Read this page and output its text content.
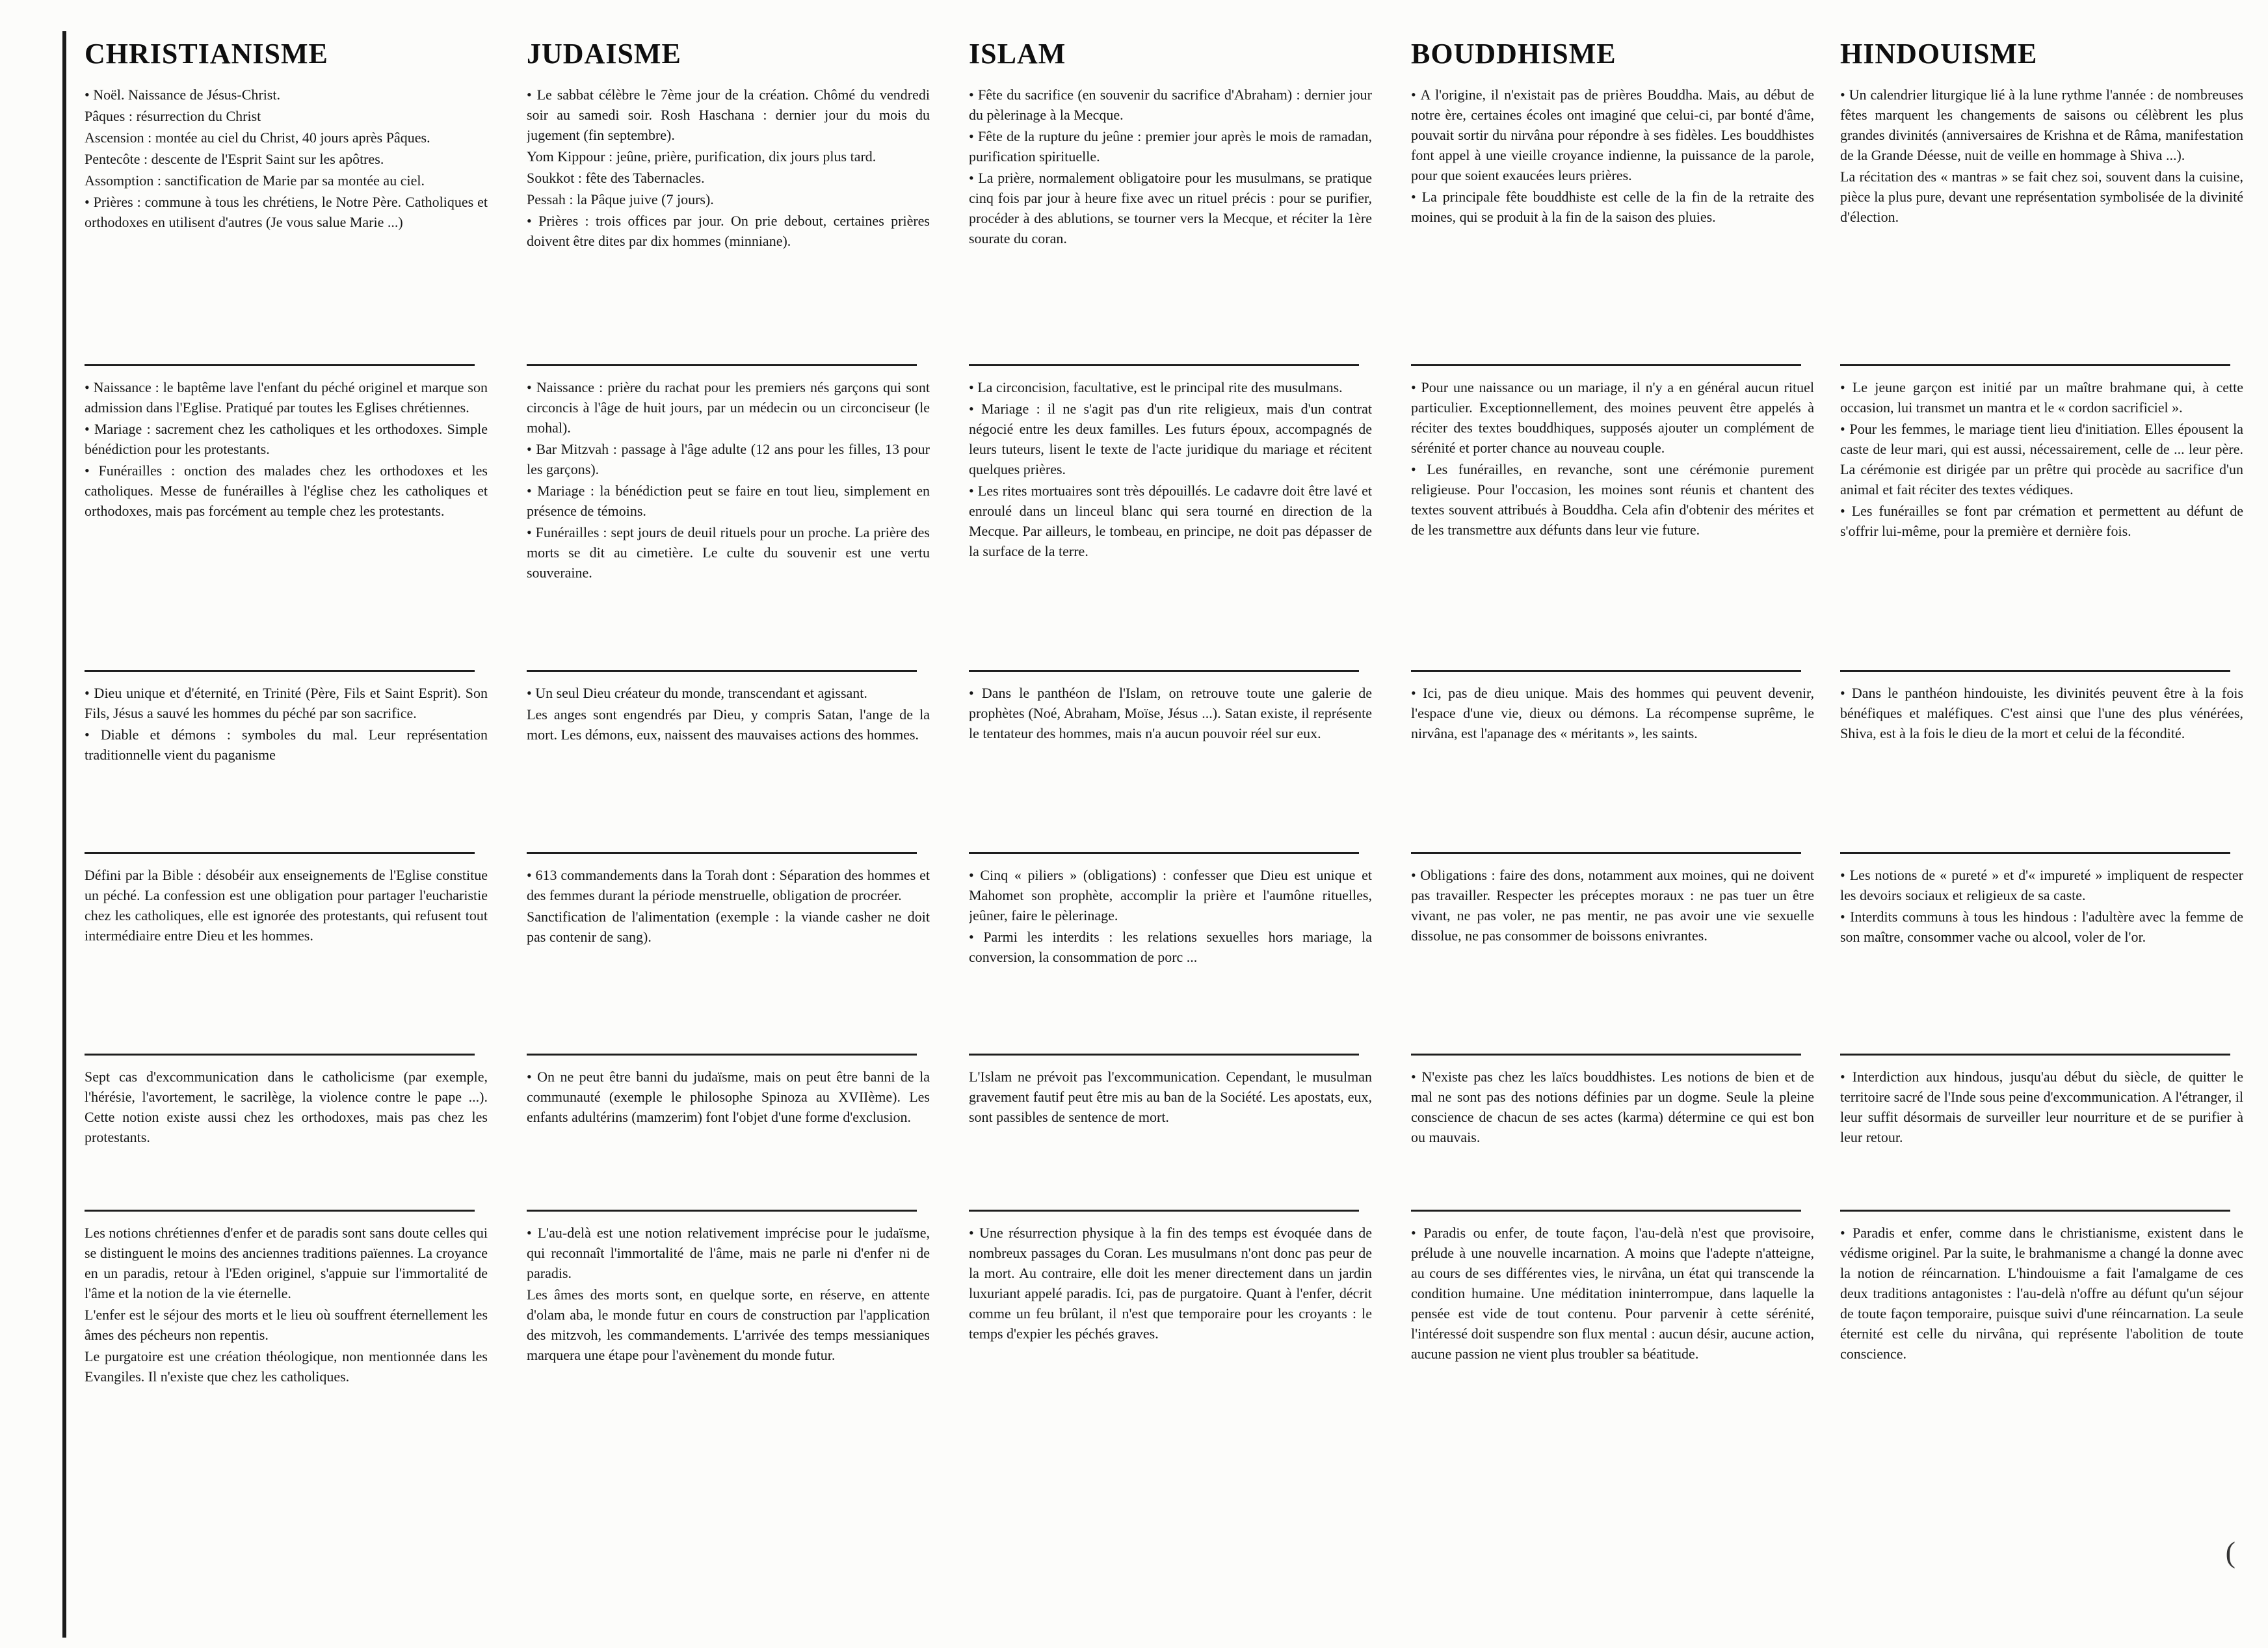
CHRISTIANISME

• Noël. Naissance de Jésus-Christ.

Pâques : résurrection du Christ

Ascension : montée au ciel du Christ, 40 jours après Pâques.

Pentecôte : descente de l'Esprit Saint sur les apôtres.

Assomption : sanctification de Marie par sa montée au ciel.

• Prières : commune à tous les chrétiens, le Notre Père. Catholiques et orthodoxes en utilisent d'autres (Je vous salue Marie ...)

• Naissance : le baptême lave l'enfant du péché originel et marque son admission dans l'Eglise. Pratiqué par toutes les Eglises chrétiennes.

• Mariage : sacrement chez les catholiques et les orthodoxes. Simple bénédiction pour les protestants.

• Funérailles : onction des malades chez les orthodoxes et les catholiques. Messe de funérailles à l'église chez les catholiques et orthodoxes, mais pas forcément au temple chez les protestants.

• Dieu unique et d'éternité, en Trinité (Père, Fils et Saint Esprit). Son Fils, Jésus a sauvé les hommes du péché par son sacrifice.

• Diable et démons : symboles du mal. Leur représentation traditionnelle vient du paganisme

Défini par la Bible : désobéir aux enseignements de l'Eglise constitue un péché. La confession est une obligation pour partager l'eucharistie chez les catholiques, elle est ignorée des protestants, qui refusent tout intermédiaire entre Dieu et les hommes.

Sept cas d'excommunication dans le catholicisme (par exemple, l'hérésie, l'avortement, le sacrilège, la violence contre le pape ...). Cette notion existe aussi chez les orthodoxes, mais pas chez les protestants.

Les notions chrétiennes d'enfer et de paradis sont sans doute celles qui se distinguent le moins des anciennes traditions païennes. La croyance en un paradis, retour à l'Eden originel, s'appuie sur l'immortalité de l'âme et la notion de la vie éternelle.

L'enfer est le séjour des morts et le lieu où souffrent éternellement les âmes des pécheurs non repentis.

Le purgatoire est une création théologique, non mentionnée dans les Evangiles. Il n'existe que chez les catholiques.

JUDAISME

• Le sabbat célèbre le 7ème jour de la création. Chômé du vendredi soir au samedi soir. Rosh Haschana : dernier jour du mois du jugement (fin septembre).

Yom Kippour : jeûne, prière, purification, dix jours plus tard.

Soukkot : fête des Tabernacles.

Pessah : la Pâque juive (7 jours).

• Prières : trois offices par jour. On prie debout, certaines prières doivent être dites par dix hommes (minniane).

• Naissance : prière du rachat pour les premiers nés garçons qui sont circoncis à l'âge de huit jours, par un médecin ou un circonciseur (le mohal).

• Bar Mitzvah : passage à l'âge adulte (12 ans pour les filles, 13 pour les garçons).

• Mariage : la bénédiction peut se faire en tout lieu, simplement en présence de témoins.

• Funérailles : sept jours de deuil rituels pour un proche. La prière des morts se dit au cimetière. Le culte du souvenir est une vertu souveraine.

• Un seul Dieu créateur du monde, transcendant et agissant.

Les anges sont engendrés par Dieu, y compris Satan, l'ange de la mort. Les démons, eux, naissent des mauvaises actions des hommes.

• 613 commandements dans la Torah dont : Séparation des hommes et des femmes durant la période menstruelle, obligation de procréer.

Sanctification de l'alimentation (exemple : la viande casher ne doit pas contenir de sang).

• On ne peut être banni du judaïsme, mais on peut être banni de la communauté (exemple le philosophe Spinoza au XVIIème). Les enfants adultérins (mamzerim) font l'objet d'une forme d'exclusion.

• L'au-delà est une notion relativement imprécise pour le judaïsme, qui reconnaît l'immortalité de l'âme, mais ne parle ni d'enfer ni de paradis.

Les âmes des morts sont, en quelque sorte, en réserve, en attente d'olam aba, le monde futur en cours de construction par l'application des mitzvoh, les commandements. L'arrivée des temps messianiques marquera une étape pour l'avènement du monde futur.

ISLAM

• Fête du sacrifice (en souvenir du sacrifice d'Abraham) : dernier jour du pèlerinage à la Mecque.

• Fête de la rupture du jeûne : premier jour après le mois de ramadan, purification spirituelle.

• La prière, normalement obligatoire pour les musulmans, se pratique cinq fois par jour à heure fixe avec un rituel précis : pour se purifier, procéder à des ablutions, se tourner vers la Mecque, et réciter la 1ère sourate du coran.

• La circoncision, facultative, est le principal rite des musulmans.

• Mariage : il ne s'agit pas d'un rite religieux, mais d'un contrat négocié entre les deux familles. Les futurs époux, accompagnés de leurs tuteurs, lisent le texte de l'acte juridique du mariage et récitent quelques prières.

• Les rites mortuaires sont très dépouillés. Le cadavre doit être lavé et enroulé dans un linceul blanc qui sera tourné en direction de la Mecque. Par ailleurs, le tombeau, en principe, ne doit pas dépasser de la surface de la terre.

• Dans le panthéon de l'Islam, on retrouve toute une galerie de prophètes (Noé, Abraham, Moïse, Jésus ...). Satan existe, il représente le tentateur des hommes, mais n'a aucun pouvoir réel sur eux.

• Cinq « piliers » (obligations) : confesser que Dieu est unique et Mahomet son prophète, accomplir la prière et l'aumône rituelles, jeûner, faire le pèlerinage.

• Parmi les interdits : les relations sexuelles hors mariage, la conversion, la consommation de porc ...

L'Islam ne prévoit pas l'excommunication. Cependant, le musulman gravement fautif peut être mis au ban de la Société. Les apostats, eux, sont passibles de sentence de mort.

• Une résurrection physique à la fin des temps est évoquée dans de nombreux passages du Coran. Les musulmans n'ont donc pas peur de la mort. Au contraire, elle doit les mener directement dans un jardin luxuriant appelé paradis. Ici, pas de purgatoire. Quant à l'enfer, décrit comme un feu brûlant, il n'est que temporaire pour les croyants : le temps d'expier les péchés graves.

BOUDDHISME

• A l'origine, il n'existait pas de prières Bouddha. Mais, au début de notre ère, certaines écoles ont imaginé que celui-ci, par bonté d'âme, pouvait sortir du nirvâna pour répondre à ses fidèles. Les bouddhistes font appel à une vieille croyance indienne, la puissance de la parole, pour que soient exaucées leurs prières.

• La principale fête bouddhiste est celle de la fin de la retraite des moines, qui se produit à la fin de la saison des pluies.

• Pour une naissance ou un mariage, il n'y a en général aucun rituel particulier. Exceptionnellement, des moines peuvent être appelés à réciter des textes bouddhiques, supposés ajouter un complément de sérénité et porter chance au nouveau couple.

• Les funérailles, en revanche, sont une cérémonie purement religieuse. Pour l'occasion, les moines sont réunis et chantent des textes souvent attribués à Bouddha. Cela afin d'obtenir des mérites et de les transmettre aux défunts dans leur vie future.

• Ici, pas de dieu unique. Mais des hommes qui peuvent devenir, l'espace d'une vie, dieux ou démons. La récompense suprême, le nirvâna, est l'apanage des « méritants », les saints.

• Obligations : faire des dons, notamment aux moines, qui ne doivent pas travailler. Respecter les préceptes moraux : ne pas tuer un être vivant, ne pas voler, ne pas mentir, ne pas avoir une vie sexuelle dissolue, ne pas consommer de boissons enivrantes.

• N'existe pas chez les laïcs bouddhistes. Les notions de bien et de mal ne sont pas des notions définies par un dogme. Seule la pleine conscience de chacun de ses actes (karma) détermine ce qui est bon ou mauvais.

• Paradis ou enfer, de toute façon, l'au-delà n'est que provisoire, prélude à une nouvelle incarnation. A moins que l'adepte n'atteigne, au cours de ses différentes vies, le nirvâna, un état qui transcende la condition humaine. Une méditation ininterrompue, dans laquelle la pensée est vide de tout contenu. Pour parvenir à cette sérénité, l'intéressé doit suspendre son flux mental : aucun désir, aucune action, aucune passion ne vient plus troubler sa béatitude.

HINDOUISME

• Un calendrier liturgique lié à la lune rythme l'année : de nombreuses fêtes marquent les changements de saisons ou célèbrent les plus grandes divinités (anniversaires de Krishna et de Râma, manifestation de la Grande Déesse, nuit de veille en hommage à Shiva ...).

La récitation des « mantras » se fait chez soi, souvent dans la cuisine, pièce la plus pure, devant une représentation symbolisée de la divinité d'élection.

• Le jeune garçon est initié par un maître brahmane qui, à cette occasion, lui transmet un mantra et le « cordon sacrificiel ».

• Pour les femmes, le mariage tient lieu d'initiation. Elles épousent la caste de leur mari, qui est aussi, nécessairement, celle de ... leur père. La cérémonie est dirigée par un prêtre qui procède au sacrifice d'un animal et fait réciter des textes védiques.

• Les funérailles se font par crémation et permettent au défunt de s'offrir lui-même, pour la première et dernière fois.

• Dans le panthéon hindouiste, les divinités peuvent être à la fois bénéfiques et maléfiques. C'est ainsi que l'une des plus vénérées, Shiva, est à la fois le dieu de la mort et celui de la fécondité.

• Les notions de « pureté » et d'« impureté » impliquent de respecter les devoirs sociaux et religieux de sa caste.

• Interdits communs à tous les hindous : l'adultère avec la femme de son maître, consommer vache ou alcool, voler de l'or.

• Interdiction aux hindous, jusqu'au début du siècle, de quitter le territoire sacré de l'Inde sous peine d'excommunication. A l'étranger, il leur suffit désormais de surveiller leur nourriture et de se purifier à leur retour.

• Paradis et enfer, comme dans le christianisme, existent dans le védisme originel. Par la suite, le brahmanisme a changé la donne avec la notion de réincarnation. L'hindouisme a fait l'amalgame de ces deux traditions antagonistes : l'au-delà n'offre au défunt qu'un séjour de toute façon temporaire, puisque suivi d'une réincarnation. La seule éternité est celle du nirvâna, qui représente l'abolition de toute conscience.

(
